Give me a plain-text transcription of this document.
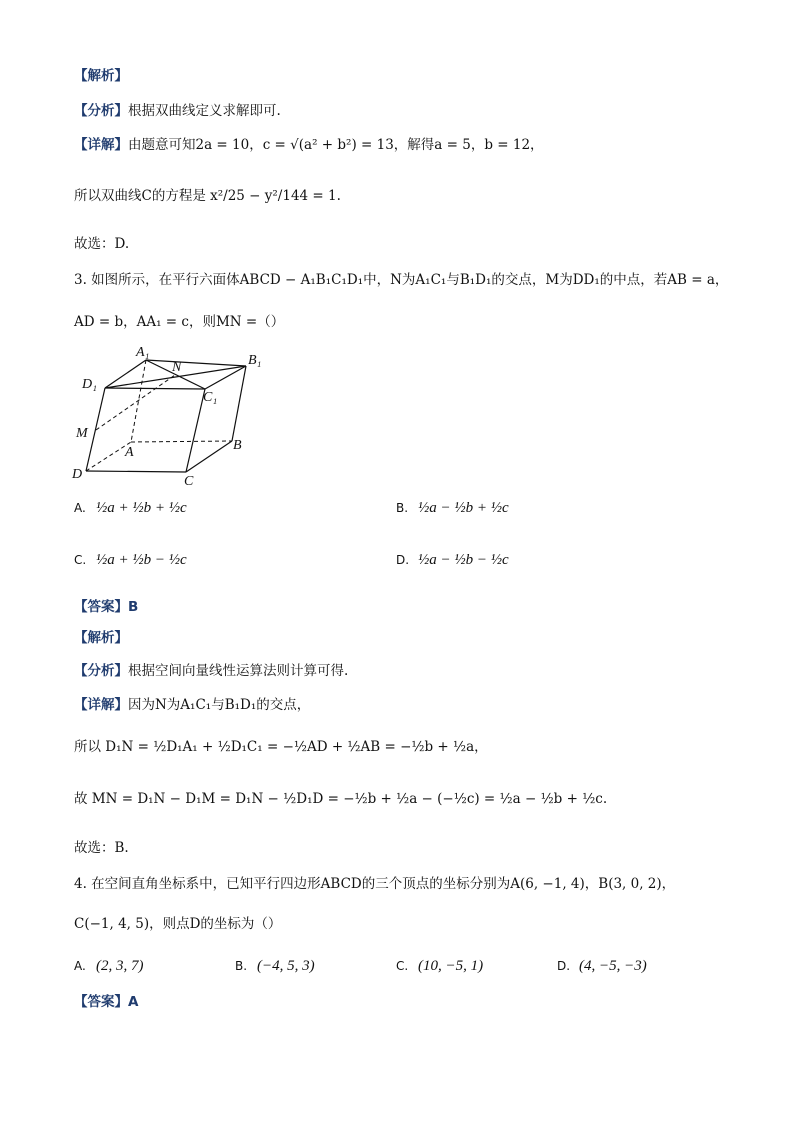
【解析】
【分析】根据双曲线定义求解即可.
【详解】由题意可知2a = 10，c = √(a² + b²) = 13，解得a = 5，b = 12，
所以双曲线C的方程是 x²/25 − y²/144 = 1.
故选：D.
3. 如图所示，在平行六面体ABCD − A₁B₁C₁D₁中，N为A₁C₁与B₁D₁的交点，M为DD₁的中点，若AB = a，
AD = b，AA₁ = c，则MN =（）
A₁
B₁
C₁
D₁
N
M
A	B
C
D
A. ½a + ½b + ½c	B. ½a − ½b + ½c
C. ½a + ½b − ½c	D. ½a − ½b − ½c
【答案】B
【解析】
【分析】根据空间向量线性运算法则计算可得.
【详解】因为N为A₁C₁与B₁D₁的交点，
所以 D₁N = ½D₁A₁ + ½D₁C₁ = −½AD + ½AB = −½b + ½a，
故 MN = D₁N − D₁M = D₁N − ½D₁D = −½b + ½a − (−½c) = ½a − ½b + ½c.
故选：B.
4. 在空间直角坐标系中，已知平行四边形ABCD的三个顶点的坐标分别为A(6, −1, 4)，B(3, 0, 2)，
C(−1, 4, 5)，则点D的坐标为（）
A. (2, 3, 7)	B. (−4, 5, 3)	C. (10, −5, 1)	D. (4, −5, −3)
【答案】A
